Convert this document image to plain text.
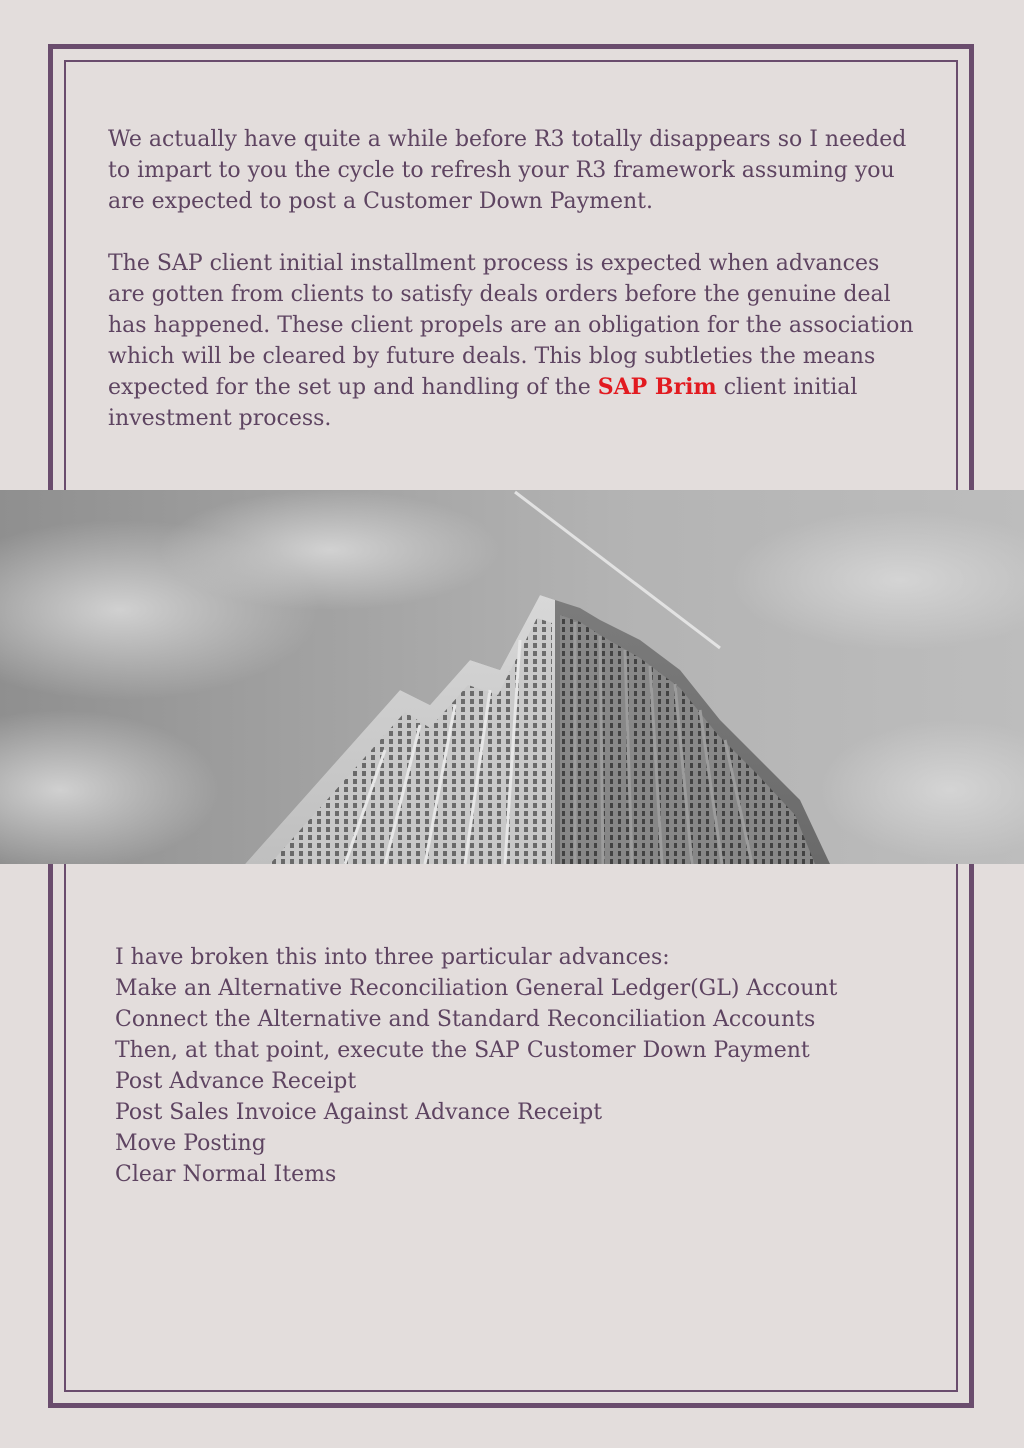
We actually have quite a while before R3 totally disappears so I needed to impart to you the cycle to refresh your R3 framework assuming you are expected to post a Customer Down Payment.

The SAP client initial installment process is expected when advances are gotten from clients to satisfy deals orders before the genuine deal has happened. These client propels are an obligation for the association which will be cleared by future deals. This blog subtleties the means expected for the set up and handling of the SAP Brim client initial investment process.

I have broken this into three particular advances:
Make an Alternative Reconciliation General Ledger(GL) Account
Connect the Alternative and Standard Reconciliation Accounts
Then, at that point, execute the SAP Customer Down Payment
Post Advance Receipt
Post Sales Invoice Against Advance Receipt
Move Posting
Clear Normal Items
